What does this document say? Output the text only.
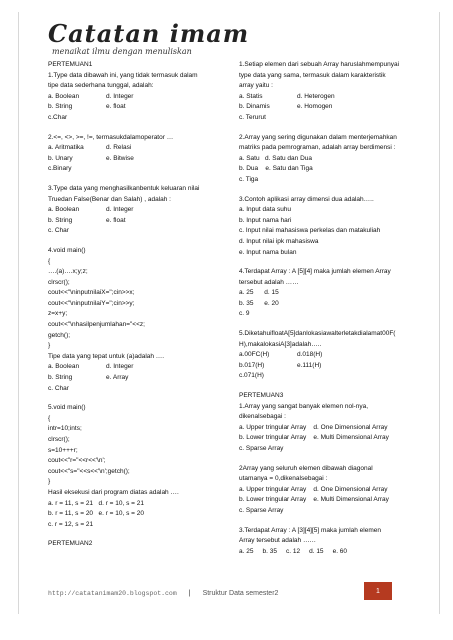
Catatan imam
menaikat ilmu dengan menuliskan

PERTEMUAN1

1.Type data dibawah ini, yang tidak termasuk dalam

tipe data sederhana tunggal, adalah:

a. Boolean	d. Integer
b. String	e. float

c.Char

2.<=, <>, >=, !=, termasukdalamoperator …

a. Aritmatika	d. Relasi
b. Unary	e. Bitwise

c.Binary

3.Type data yang menghasilkanbentuk keluaran nilai

Truedan False(Benar dan Salah) , adalah :

a. Boolean	d. Integer
b. String	e. float

c. Char

4.void main()

{

….(a)….x;y;z;

clrscr();

cout<<"\ninputnilaiX=";cin>>x;

cout<<"\ninputnilaiY=";cin>>y;

z=x+y;

cout<<"\nhasilpenjumlahan="<<z;

getch();

}

Tipe data yang tepat untuk (a)adalah ….

a. Boolean	d. Integer
b. String	e. Array

c. Char

5.void main()

{

intr=10;ints;

clrscr();

s=10+++r;

cout<<"r="<<r<<'\n';

cout<<"s="<<s<<'\n';getch();

}

Hasil eksekusi dari program diatas adalah ….

a. r = 11, s = 21   d. r = 10, s = 21

b. r = 11, s = 20   e. r = 10, s = 20

c. r = 12, s = 21

PERTEMUAN2

1.Setiap elemen dari sebuah Array haruslahmempunyai

type data yang sama, termasuk dalam karakteristik

array yaitu :

a. Statis	d. Heterogen
b. Dinamis	e. Homogen

c. Terurut

2.Array yang sering digunakan dalam menterjemahkan

matriks pada pemrograman, adalah array berdimensi :

a. Satu   d. Satu dan Dua

b. Dua    e. Satu dan Tiga

c. Tiga

3.Contoh aplikasi array dimensi dua adalah…..

a. Input data suhu

b. Input nama hari

c. Input nilai mahasiswa perkelas dan matakuliah

d. Input nilai ipk mahasiswa

e. Input nama bulan

4.Terdapat Array : A [5][4] maka jumlah elemen Array

tersebut adalah ……

a. 25      d. 15

b. 35      e. 20

c. 9

5.DiketahuifloatA[5]danlokasiawalterletakdialamat00F(

H),makalokasiA[3]adalah…..

a.00FC(H)	d.018(H)
b.017(H)	e.111(H)

c.071(H)

PERTEMUAN3

1.Array yang sangat banyak elemen nol-nya,

dikenalsebagai :

a. Upper tringular Array    d. One Dimensional Array

b. Lower tringular Array    e. Multi Dimensional Array

c. Sparse Array

2Array yang seluruh elemen dibawah diagonal

utamanya = 0,dikenalsebagai :

a. Upper tringular Array    d. One Dimensional Array

b. Lower tringular Array    e. Multi Dimensional Array

c. Sparse Array

3.Terdapat Array : A [3][4][5] maka jumlah elemen

Array tersebut adalah ……

a. 25     b. 35     c. 12     d. 15     e. 60

http://catatanimam20.blogspot.com | Struktur Data semester2	1
